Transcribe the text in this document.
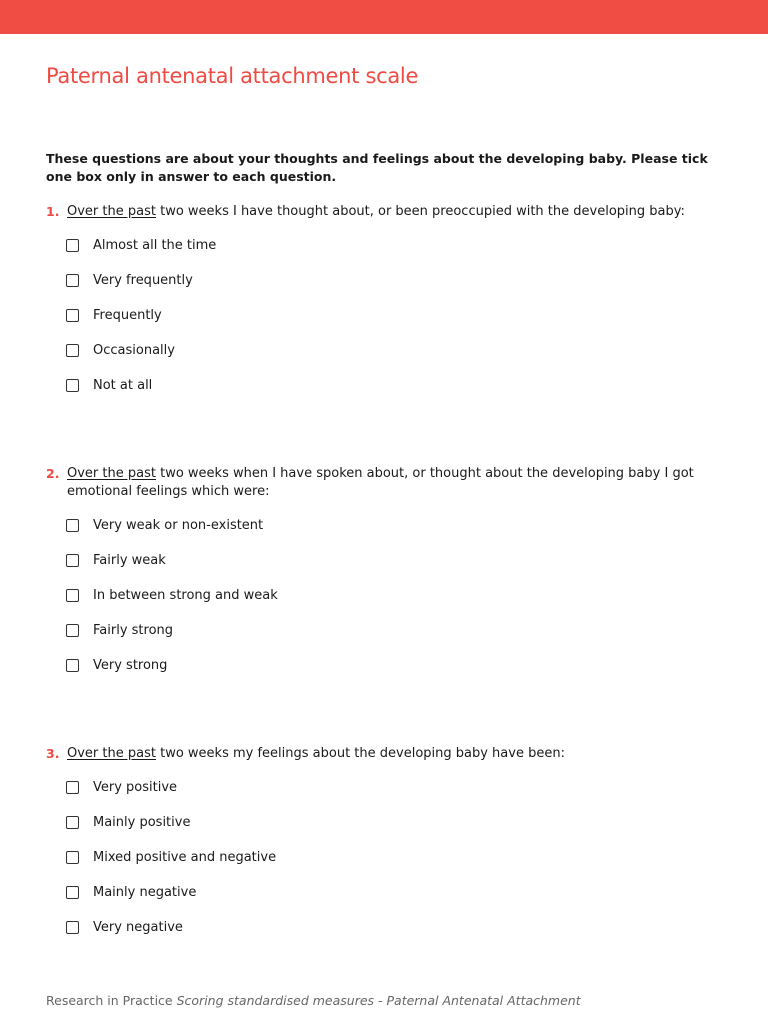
Paternal antenatal attachment scale
These questions are about your thoughts and feelings about the developing baby. Please tick one box only in answer to each question.
1. Over the past two weeks I have thought about, or been preoccupied with the developing baby:
Almost all the time
Very frequently
Frequently
Occasionally
Not at all
2. Over the past two weeks when I have spoken about, or thought about the developing baby I got emotional feelings which were:
Very weak or non-existent
Fairly weak
In between strong and weak
Fairly strong
Very strong
3. Over the past two weeks my feelings about the developing baby have been:
Very positive
Mainly positive
Mixed positive and negative
Mainly negative
Very negative
Research in Practice Scoring standardised measures - Paternal Antenatal Attachment
